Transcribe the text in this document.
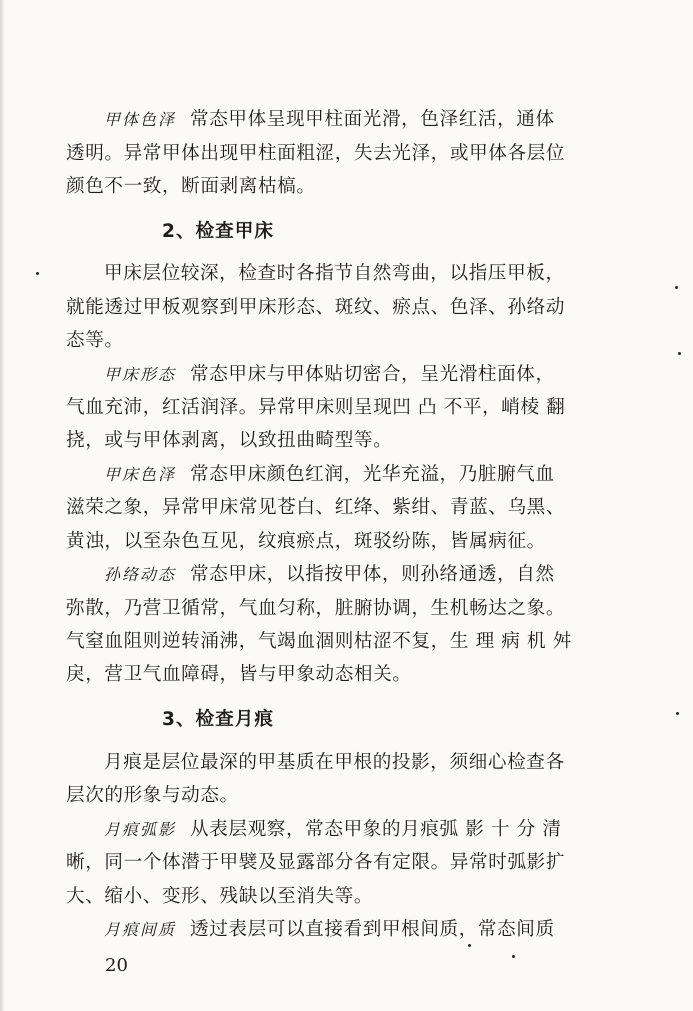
甲体色泽 常态甲体呈现甲柱面光滑，色泽红活，通体
透明。异常甲体出现甲柱面粗涩，失去光泽，或甲体各层位
颜色不一致，断面剥离枯槁。
2、检查甲床
甲床层位较深，检查时各指节自然弯曲，以指压甲板，
就能透过甲板观察到甲床形态、斑纹、瘀点、色泽、孙络动
态等。
甲床形态 常态甲床与甲体贴切密合，呈光滑柱面体，
气血充沛，红活润泽。异常甲床则呈现凹 凸 不平，峭棱 翻
挠，或与甲体剥离，以致扭曲畸型等。
甲床色泽 常态甲床颜色红润，光华充溢，乃脏腑气血
滋荣之象，异常甲床常见苍白、红绛、紫绀、青蓝、乌黑、
黄浊，以至杂色互见，纹痕瘀点，斑驳纷陈，皆属病征。
孙络动态 常态甲床，以指按甲体，则孙络通透，自然
弥散，乃营卫循常，气血匀称，脏腑协调，生机畅达之象。
气窒血阻则逆转涌沸，气竭血涸则枯涩不复，生 理 病 机 舛
戾，营卫气血障碍，皆与甲象动态相关。
3、检查月痕
月痕是层位最深的甲基质在甲根的投影，须细心检查各
层次的形象与动态。
月痕弧影 从表层观察，常态甲象的月痕弧 影 十 分 清
晰，同一个体潜于甲襞及显露部分各有定限。异常时弧影扩
大、缩小、变形、残缺以至消失等。
月痕间质 透过表层可以直接看到甲根间质，常态间质
20
